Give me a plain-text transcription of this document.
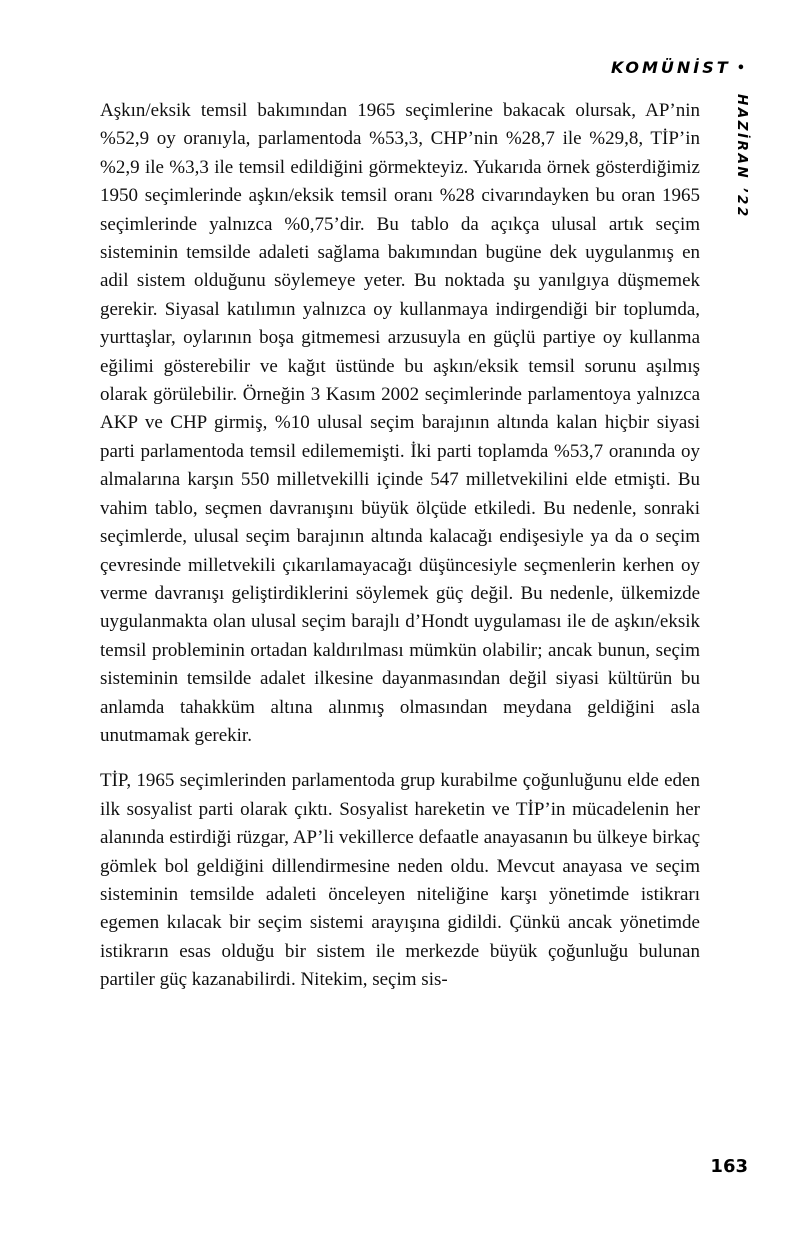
KOMÜNİST •
HAZİRAN ’22

Aşkın/eksik temsil bakımından 1965 seçimlerine bakacak olursak, AP’nin %52,9 oy oranıyla, parlamentoda %53,3, CHP’nin %28,7 ile %29,8, TİP’in %2,9 ile %3,3 ile temsil edildiğini görmekteyiz. Yukarıda örnek gösterdiğimiz 1950 seçimlerinde aşkın/eksik temsil oranı %28 civarındayken bu oran 1965 seçimlerinde yalnızca %0,75’dir. Bu tablo da açıkça ulusal artık seçim sisteminin temsilde adaleti sağlama bakımından bugüne dek uygulanmış en adil sistem olduğunu söylemeye yeter. Bu noktada şu yanılgıya düşmemek gerekir. Siyasal katılımın yalnızca oy kullanmaya indirgendiği bir toplumda, yurttaşlar, oylarının boşa gitmemesi arzusuyla en güçlü partiye oy kullanma eğilimi gösterebilir ve kağıt üstünde bu aşkın/eksik temsil sorunu aşılmış olarak görülebilir. Örneğin 3 Kasım 2002 seçimlerinde parlamentoya yalnızca AKP ve CHP girmiş, %10 ulusal seçim barajının altında kalan hiçbir siyasi parti parlamentoda temsil edilememişti. İki parti toplamda %53,7 oranında oy almalarına karşın 550 milletvekilli içinde 547 milletvekilini elde etmişti. Bu vahim tablo, seçmen davranışını büyük ölçüde etkiledi. Bu nedenle, sonraki seçimlerde, ulusal seçim barajının altında kalacağı endişesiyle ya da o seçim çevresinde milletvekili çıkarılamayacağı düşüncesiyle seçmenlerin kerhen oy verme davranışı geliştirdiklerini söylemek güç değil. Bu nedenle, ülkemizde uygulanmakta olan ulusal seçim barajlı d’Hondt uygulaması ile de aşkın/eksik temsil probleminin ortadan kaldırılması mümkün olabilir; ancak bunun, seçim sisteminin temsilde adalet ilkesine dayanmasından değil siyasi kültürün bu anlamda tahakküm altına alınmış olmasından meydana geldiğini asla unutmamak gerekir.

TİP, 1965 seçimlerinden parlamentoda grup kurabilme çoğunluğunu elde eden ilk sosyalist parti olarak çıktı. Sosyalist hareketin ve TİP’in mücadelenin her alanında estirdiği rüzgar, AP’li vekillerce defaatle anayasanın bu ülkeye birkaç gömlek bol geldiğini dillendirmesine neden oldu. Mevcut anayasa ve seçim sisteminin temsilde adaleti önceleyen niteliğine karşı yönetimde istikrarı egemen kılacak bir seçim sistemi arayışına gidildi. Çünkü ancak yönetimde istikrarın esas olduğu bir sistem ile merkezde büyük çoğunluğu bulunan partiler güç kazanabilirdi. Nitekim, seçim sis-

163
